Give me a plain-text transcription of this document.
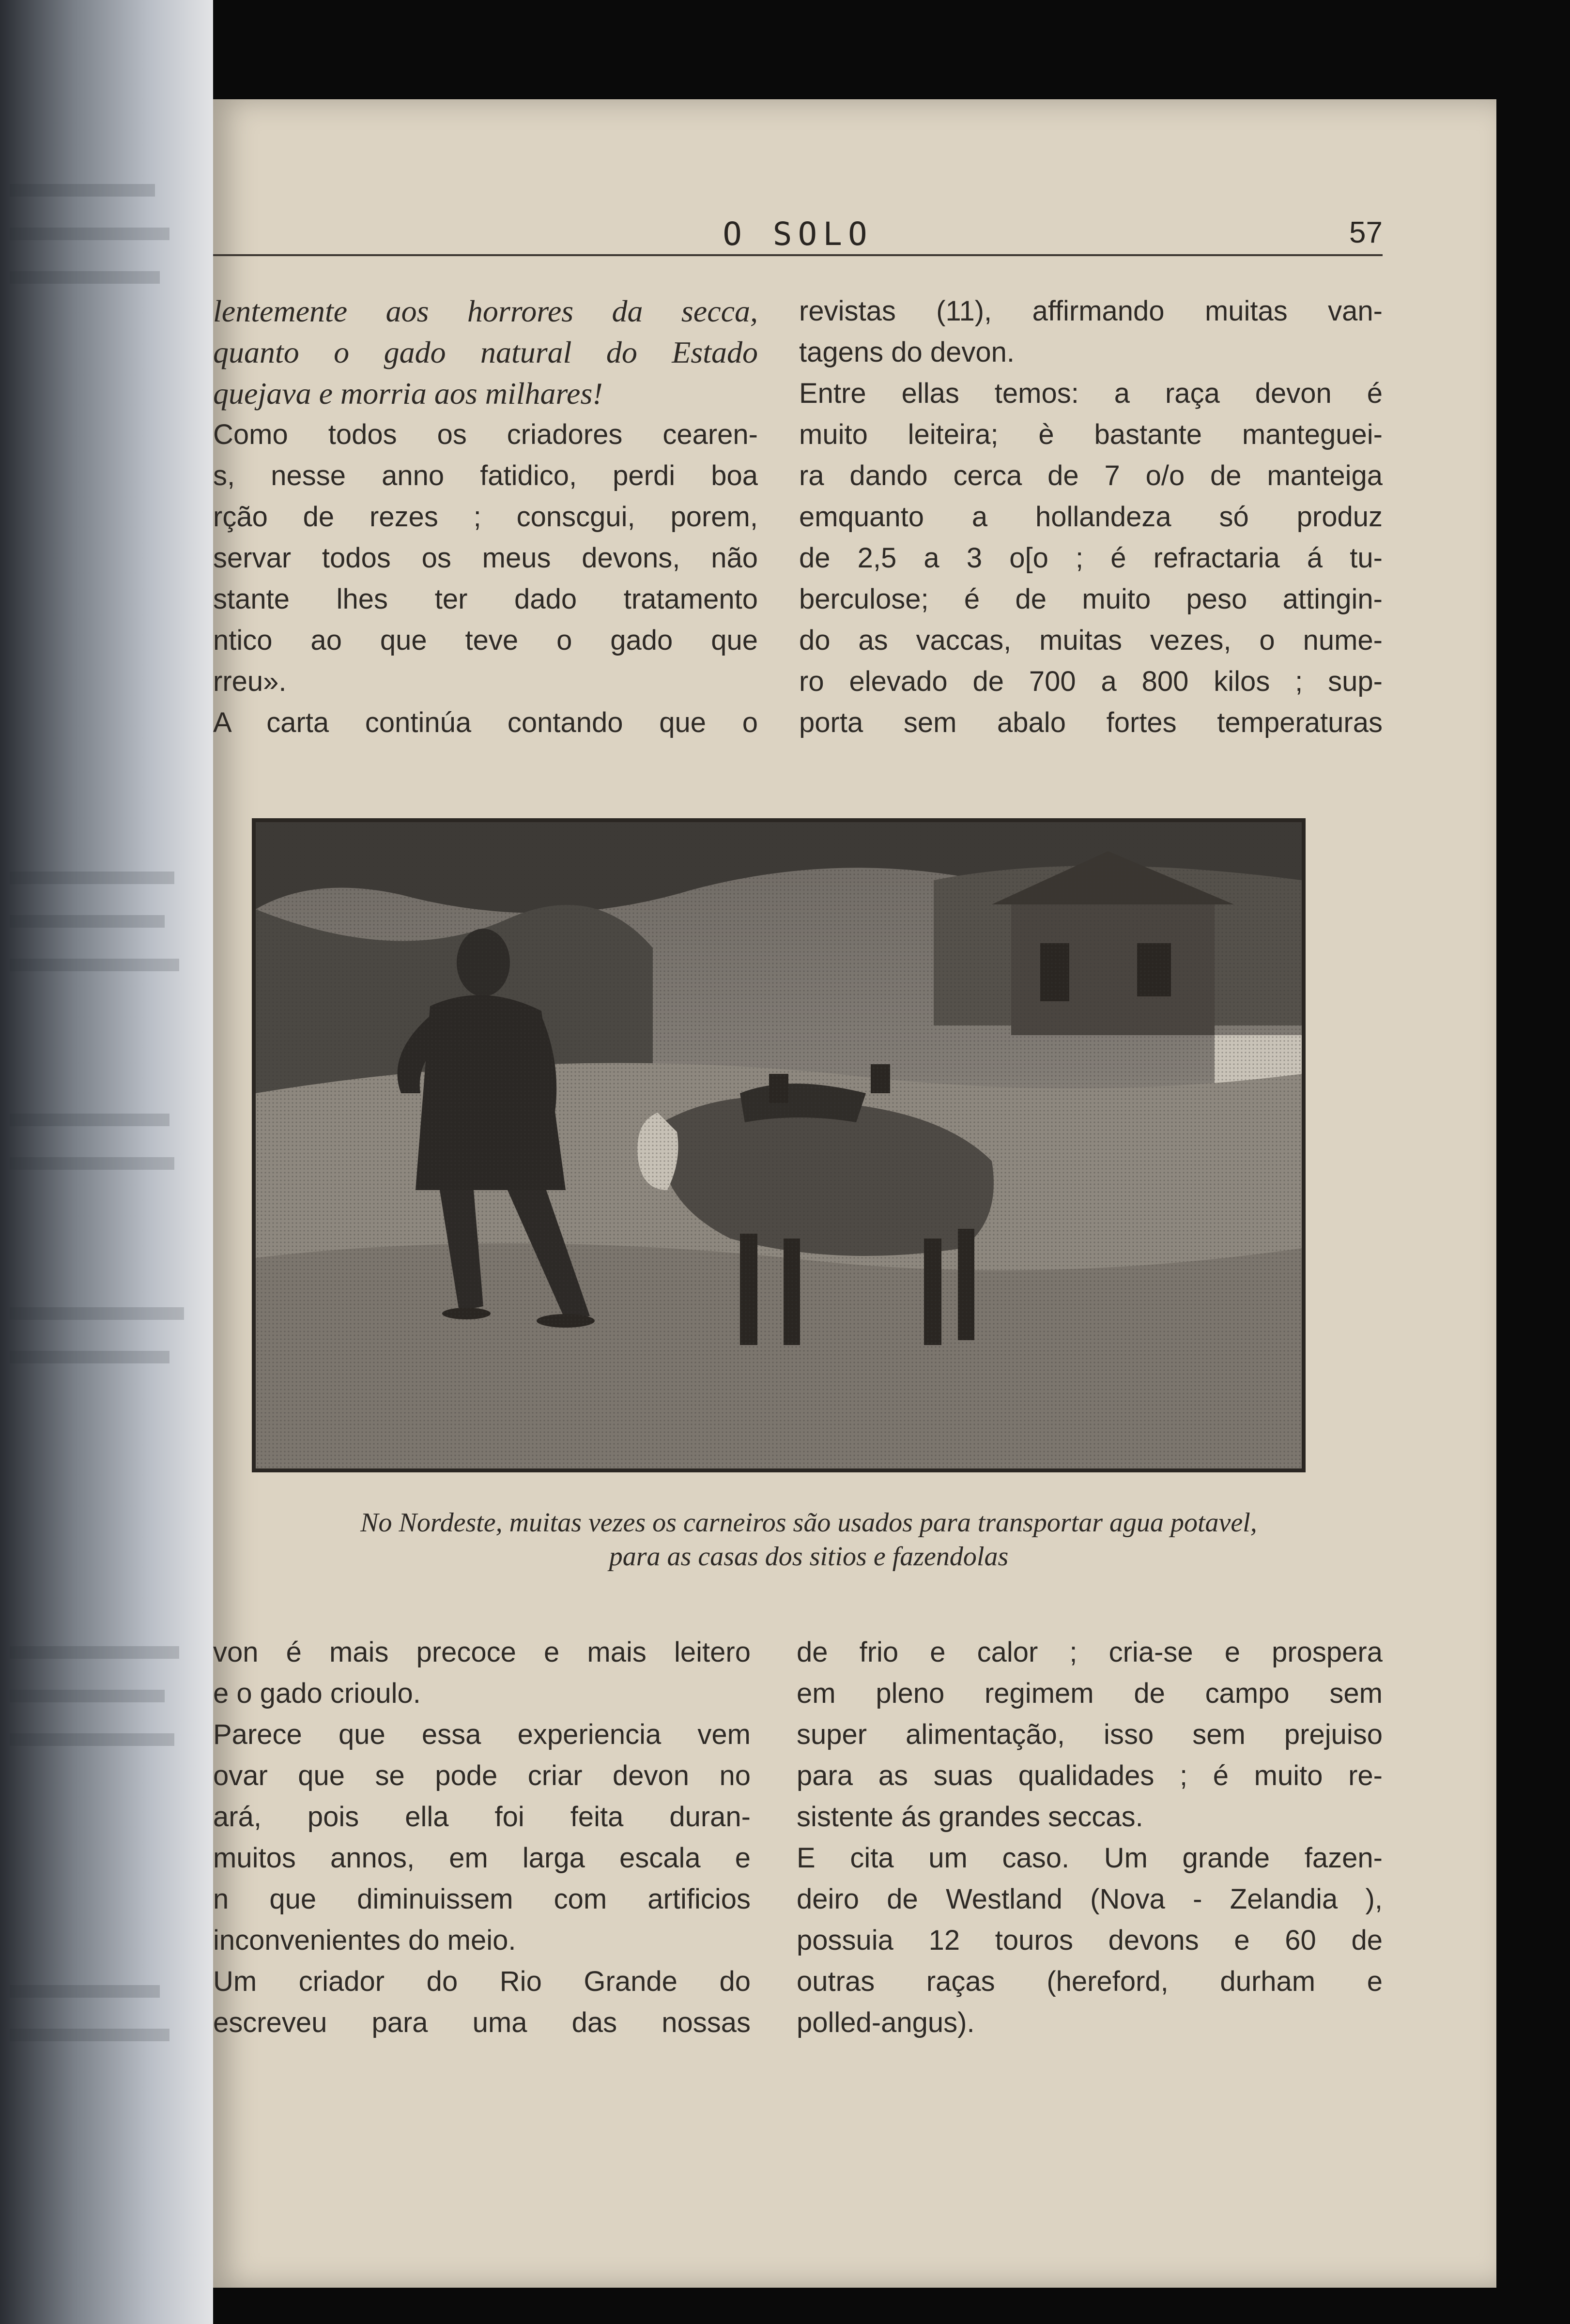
O SOLO	57
lentemente aos horrores da secca,
quanto o gado natural do Estado
quejava e morria aos milhares!
Como todos os criadores cearen-
s, nesse anno fatidico, perdi boa
rção de rezes ; conscgui, porem,
servar todos os meus devons, não
stante lhes ter dado tratamento
ntico ao que teve o gado que
rreu».
A carta continúa contando que o
revistas (11), affirmando muitas van-
tagens do devon.
Entre ellas temos: a raça devon é
muito leiteira; è bastante manteguei-
ra dando cerca de 7 o/o de manteiga
emquanto a hollandeza só produz
de 2,5 a 3 o[o ; é refractaria á tu-
berculose; é de muito peso attingin-
do as vaccas, muitas vezes, o nume-
ro elevado de 700 a 800 kilos ; sup-
porta sem abalo fortes temperaturas
No Nordeste, muitas vezes os carneiros são usados para transportar agua potavel,
para as casas dos sitios e fazendolas
von é mais precoce e mais leitero
e o gado crioulo.
Parece que essa experiencia vem
ovar que se pode criar devon no
ará, pois ella foi feita duran-
muitos annos, em larga escala e
n que diminuissem com artificios
inconvenientes do meio.
Um criador do Rio Grande do
escreveu para uma das nossas
de frio e calor ; cria-se e prospera
em pleno regimem de campo sem
super alimentação, isso sem prejuiso
para as suas qualidades ; é muito re-
sistente ás grandes seccas.
E cita um caso. Um grande fazen-
deiro de Westland (Nova - Zelandia ),
possuia 12 touros devons e 60 de
outras raças (hereford, durham e
polled-angus).
